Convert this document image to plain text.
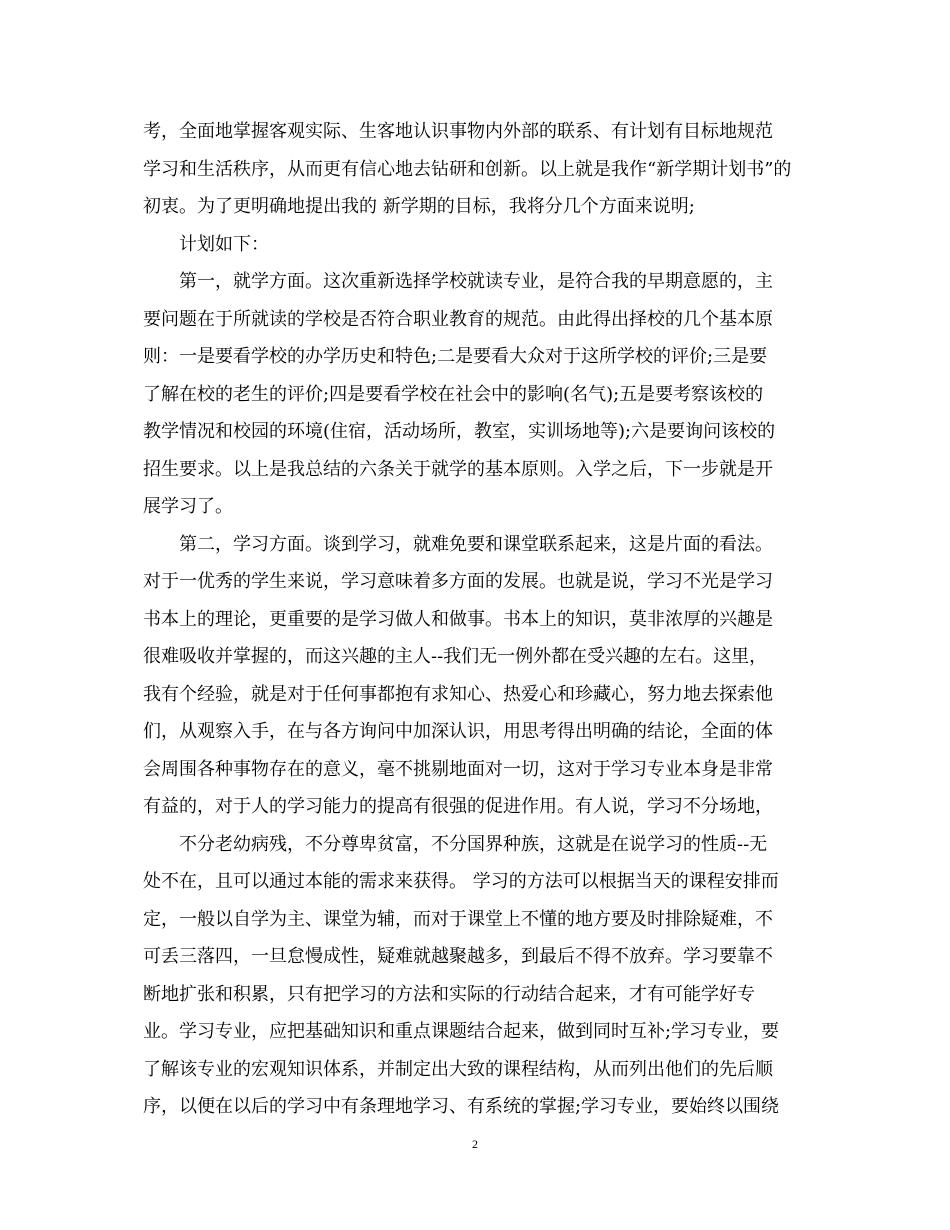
考，全面地掌握客观实际、生客地认识事物内外部的联系、有计划有目标地规范
学习和生活秩序，从而更有信心地去钻研和创新。以上就是我作“新学期计划书”的
初衷。为了更明确地提出我的 新学期的目标，我将分几个方面来说明;
　　计划如下：
　　第一，就学方面。这次重新选择学校就读专业，是符合我的早期意愿的，主
要问题在于所就读的学校是否符合职业教育的规范。由此得出择校的几个基本原
则：一是要看学校的办学历史和特色;二是要看大众对于这所学校的评价;三是要
了解在校的老生的评价;四是要看学校在社会中的影响(名气);五是要考察该校的
教学情况和校园的环境(住宿，活动场所，教室，实训场地等);六是要询问该校的
招生要求。以上是我总结的六条关于就学的基本原则。入学之后，下一步就是开
展学习了。
　　第二，学习方面。谈到学习，就难免要和课堂联系起来，这是片面的看法。
对于一优秀的学生来说，学习意味着多方面的发展。也就是说，学习不光是学习
书本上的理论，更重要的是学习做人和做事。书本上的知识，莫非浓厚的兴趣是
很难吸收并掌握的，而这兴趣的主人--我们无一例外都在受兴趣的左右。这里，
我有个经验，就是对于任何事都抱有求知心、热爱心和珍藏心，努力地去探索他
们，从观察入手，在与各方询问中加深认识，用思考得出明确的结论，全面的体
会周围各种事物存在的意义，毫不挑剔地面对一切，这对于学习专业本身是非常
有益的，对于人的学习能力的提高有很强的促进作用。有人说，学习不分场地，
　　不分老幼病残，不分尊卑贫富，不分国界种族，这就是在说学习的性质--无
处不在，且可以通过本能的需求来获得。 学习的方法可以根据当天的课程安排而
定，一般以自学为主、课堂为辅，而对于课堂上不懂的地方要及时排除疑难，不
可丢三落四，一旦怠慢成性，疑难就越聚越多，到最后不得不放弃。学习要靠不
断地扩张和积累，只有把学习的方法和实际的行动结合起来，才有可能学好专
业。学习专业，应把基础知识和重点课题结合起来，做到同时互补;学习专业，要
了解该专业的宏观知识体系，并制定出大致的课程结构，从而列出他们的先后顺
序，以便在以后的学习中有条理地学习、有系统的掌握;学习专业，要始终以围绕
2
